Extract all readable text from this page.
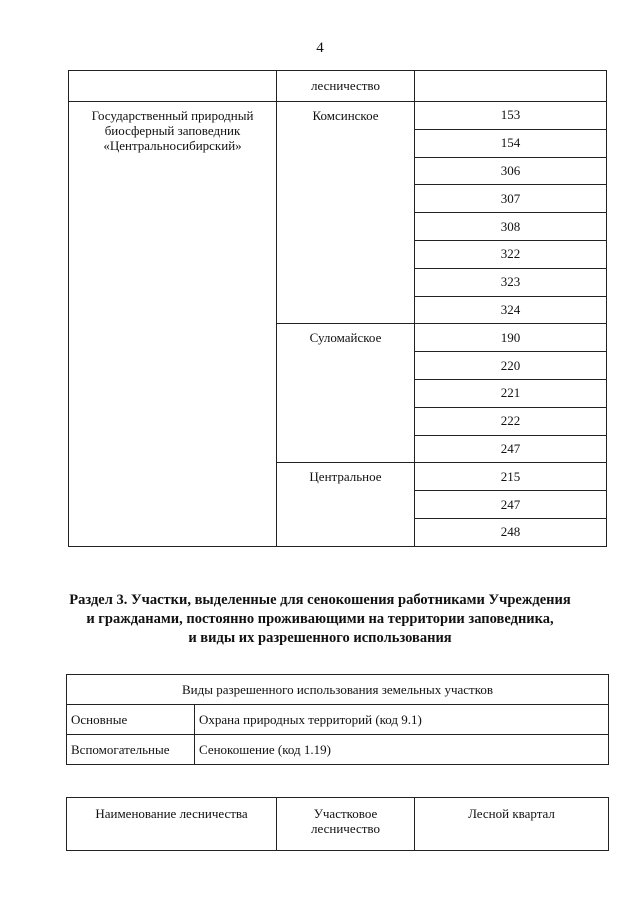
4
	лесничество	
Государственный природный биосферный заповедник «Центральносибирский»	Комсинское	153
		154
		306
		307
		308
		322
		323
		324
	Суломайское	190
		220
		221
		222
		247
	Центральное	215
		247
		248
Раздел 3. Участки, выделенные для сенокошения работниками Учреждения
и гражданами, постоянно проживающими на территории заповедника,
и виды их разрешенного использования
Виды разрешенного использования земельных участков	
Основные	Охрана природных территорий (код 9.1)
Вспомогательные	Сенокошение (код 1.19)
Наименование лесничества	Участковое лесничество	Лесной квартал
